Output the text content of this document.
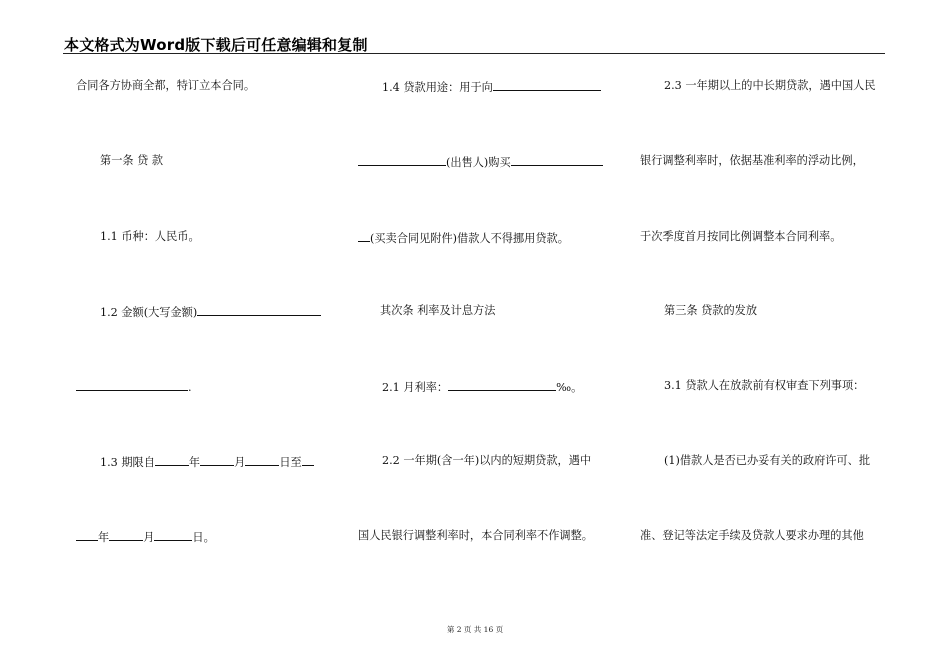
本文格式为Word版下载后可任意编辑和复制
合同各方协商全都，特订立本合同。
第一条 贷 款
1.1 币种：人民币。
1.2 金额(大写金额)
.
1.3 期限自	年	月	日至
年	月	日。
1.4 贷款用途：用于向
(出售人)购买
(买卖合同见附件)借款人不得挪用贷款。
其次条 利率及计息方法
2.1 月利率：	‰。
2.2 一年期(含一年)以内的短期贷款，遇中
国人民银行调整利率时，本合同利率不作调整。
2.3 一年期以上的中长期贷款，遇中国人民
银行调整利率时，依据基准利率的浮动比例，
于次季度首月按同比例调整本合同利率。
第三条 贷款的发放
3.1 贷款人在放款前有权审查下列事项：
(1)借款人是否已办妥有关的政府许可、批
准、登记等法定手续及贷款人要求办理的其他
第 2 页 共 16 页
